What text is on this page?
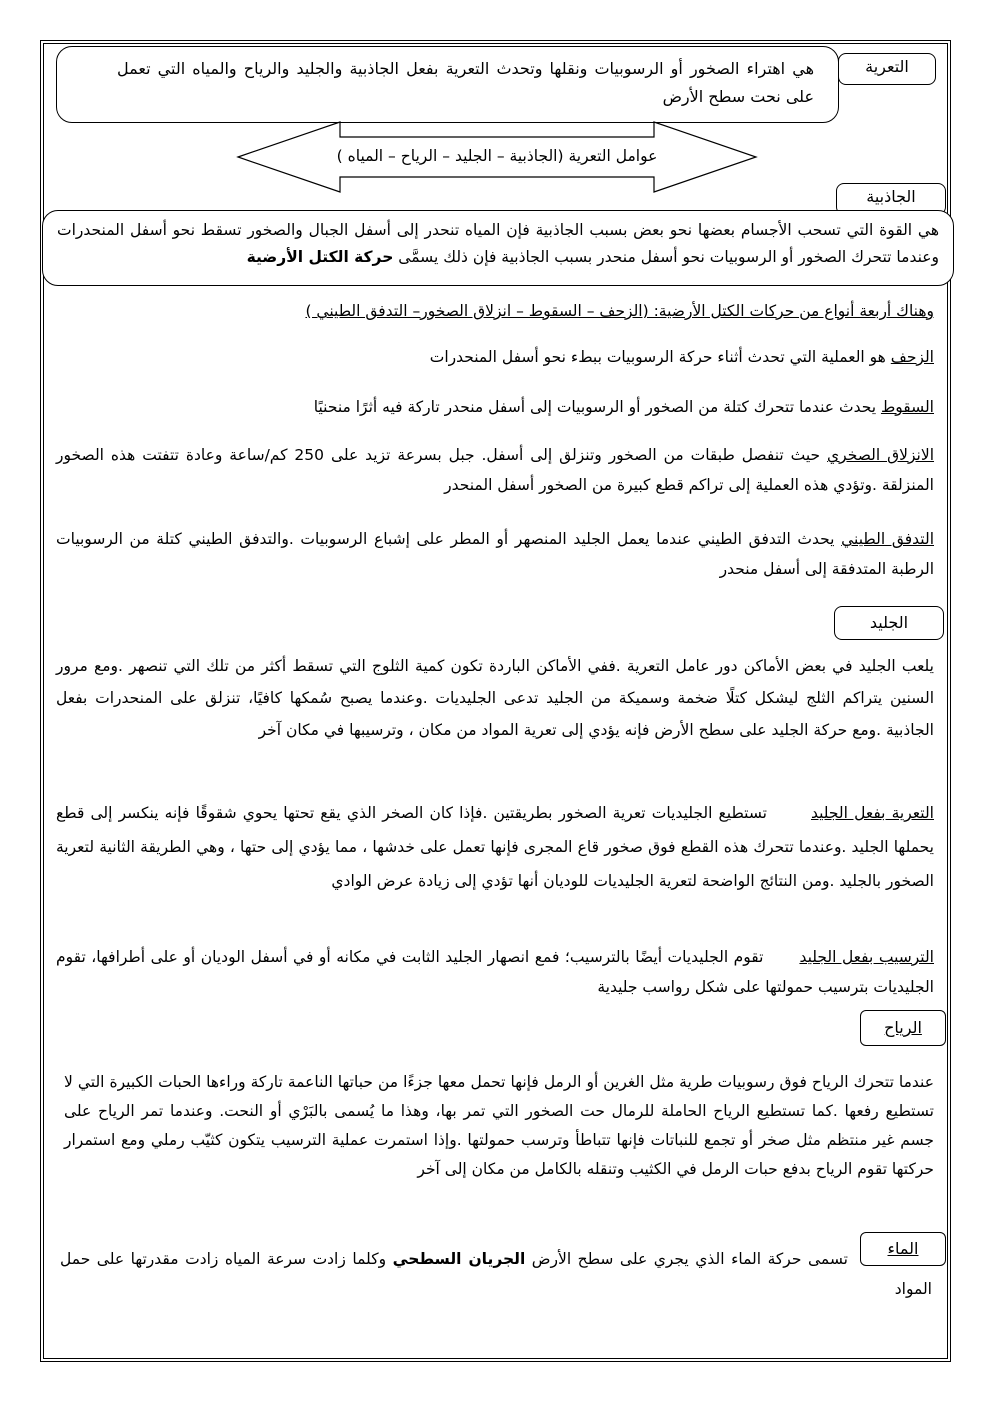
هي اهتراء الصخور أو الرسوبيات ونقلها وتحدث التعرية بفعل الجاذبية والجليد والرياح والمياه التي تعمل على نحت سطح الأرض
التعرية
عوامل التعرية (الجاذبية – الجليد – الرياح – المياه )
الجاذبية
هي القوة التي تسحب الأجسام بعضها نحو بعض بسبب الجاذبية فإن المياه تنحدر إلى أسفل الجبال والصخور تسقط نحو أسفل المنحدرات وعندما تتحرك الصخور أو الرسوبيات نحو أسفل منحدر بسبب الجاذبية فإن ذلك يسمَّى حركة الكتل الأرضية
وهناك أربعة أنواع من حركات الكتل الأرضية: (الزحف – السقوط – انزلاق الصخور– التدفق الطيني )
الزحف هو العملية التي تحدث أثناء حركة الرسوبيات ببطء نحو أسفل المنحدرات
السقوط يحدث عندما تتحرك كتلة من الصخور أو الرسوبيات إلى أسفل منحدر تاركة فيه أثرًا منحنيًا
الانزلاق الصخري حيث تنفصل طبقات من الصخور وتنزلق إلى أسفل. جبل بسرعة تزيد على 250 كم/ساعة وعادة تتفتت هذه الصخور المنزلقة .وتؤدي هذه العملية إلى تراكم قطع كبيرة من الصخور أسفل المنحدر
التدفق الطيني يحدث التدفق الطيني عندما يعمل الجليد المنصهر أو المطر على إشباع الرسوبيات .والتدفق الطيني كتلة من الرسوبيات الرطبة المتدفقة إلى أسفل منحدر
الجليد
يلعب الجليد في بعض الأماكن دور عامل التعرية .ففي الأماكن الباردة تكون كمية الثلوج التي تسقط أكثر من تلك التي تنصهر .ومع مرور السنين يتراكم الثلج ليشكل كتلًا ضخمة وسميكة من الجليد تدعى الجليديات .وعندما يصبح سُمكها كافيًا، تنزلق على المنحدرات بفعل الجاذبية .ومع حركة الجليد على سطح الأرض فإنه يؤدي إلى تعرية المواد من مكان ، وترسيبها في مكان آخر
التعرية بفعل الجليدتستطيع الجليديات تعرية الصخور بطريقتين .فإذا كان الصخر الذي يقع تحتها يحوي شقوقًا فإنه ينكسر إلى قطع يحملها الجليد .وعندما تتحرك هذه القطع فوق صخور قاع المجرى فإنها تعمل على خدشها ، مما يؤدي إلى حتها ، وهي الطريقة الثانية لتعرية الصخور بالجليد .ومن النتائج الواضحة لتعرية الجليديات للوديان أنها تؤدي إلى زيادة عرض الوادي
الترسيب بفعل الجليدتقوم الجليديات أيضًا بالترسيب؛ فمع انصهار الجليد الثابت في مكانه أو في أسفل الوديان أو على أطرافها، تقوم الجليديات بترسيب حمولتها على شكل رواسب جليدية
الرياح
عندما تتحرك الرياح فوق رسوبيات طرية مثل الغرين أو الرمل فإنها تحمل معها جزءًا من حباتها الناعمة تاركة وراءها الحبات الكبيرة التي لا تستطيع رفعها .كما تستطيع الرياح الحاملة للرمال حت الصخور التي تمر بها، وهذا ما يُسمى بالبَرْي أو النحت. وعندما تمر الرياح على جسم غير منتظم مثل صخر أو تجمع للنباتات فإنها تتباطأ وترسب حمولتها .وإذا استمرت عملية الترسيب يتكون كثيّب رملي ومع استمرار حركتها تقوم الرياح بدفع حبات الرمل في الكثيب وتنقله بالكامل من مكان إلى آخر
الماء
تسمى حركة الماء الذي يجري على سطح الأرض الجريان السطحي وكلما زادت سرعة المياه زادت مقدرتها على حمل المواد
